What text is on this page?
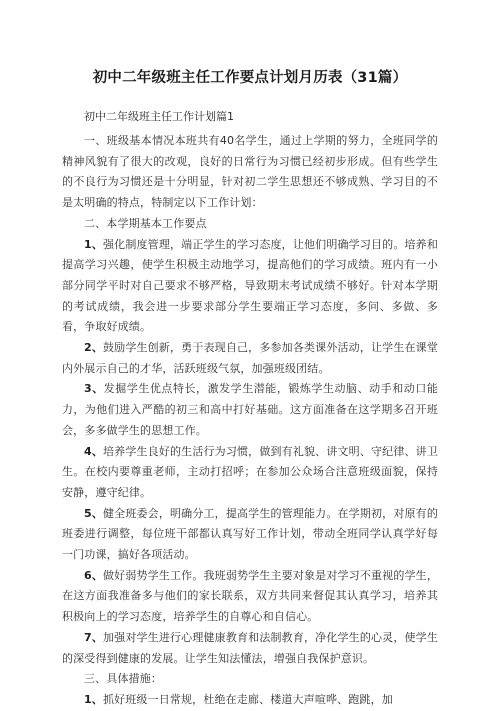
初中二年级班主任工作要点计划月历表（31篇）
初中二年级班主任工作计划篇1

一、班级基本情况本班共有40名学生，通过上学期的努力，全班同学的精神风貌有了很大的改观，良好的日常行为习惯已经初步形成。但有些学生的不良行为习惯还是十分明显，针对初二学生思想还不够成熟、学习目的不是太明确的特点，特制定以下工作计划：

二、本学期基本工作要点

1、强化制度管理，端正学生的学习态度，让他们明确学习目的。培养和提高学习兴趣，使学生积极主动地学习，提高他们的学习成绩。班内有一小部分同学平时对自己要求不够严格，导致期末考试成绩不够好。针对本学期的考试成绩，我会进一步要求部分学生要端正学习态度，多问、多做、多看，争取好成绩。

2、鼓励学生创新，勇于表现自己，多参加各类课外活动，让学生在课堂内外展示自己的才华，活跃班级气氛，加强班级团结。

3、发掘学生优点特长，激发学生潜能，锻炼学生动脑、动手和动口能力，为他们进入严酷的初三和高中打好基础。这方面准备在这学期多召开班会，多多做学生的思想工作。

4、培养学生良好的生活行为习惯，做到有礼貌、讲文明、守纪律、讲卫生。在校内要尊重老师，主动打招呼；在参加公众场合注意班级面貌，保持安静，遵守纪律。

5、健全班委会，明确分工，提高学生的管理能力。在学期初，对原有的班委进行调整，每位班干部都认真写好工作计划，带动全班同学认真学好每一门功课，搞好各项活动。

6、做好弱势学生工作。我班弱势学生主要对象是对学习不重视的学生，在这方面我准备多与他们的家长联系，双方共同来督促其认真学习，培养其积极向上的学习态度，培养学生的自尊心和自信心。

7、加强对学生进行心理健康教育和法制教育，净化学生的心灵，使学生的深受得到健康的发展。让学生知法懂法，增强自我保护意识。

三、具体措施：

1、抓好班级一日常规，杜绝在走廊、楼道大声喧哗、跑跳，加
